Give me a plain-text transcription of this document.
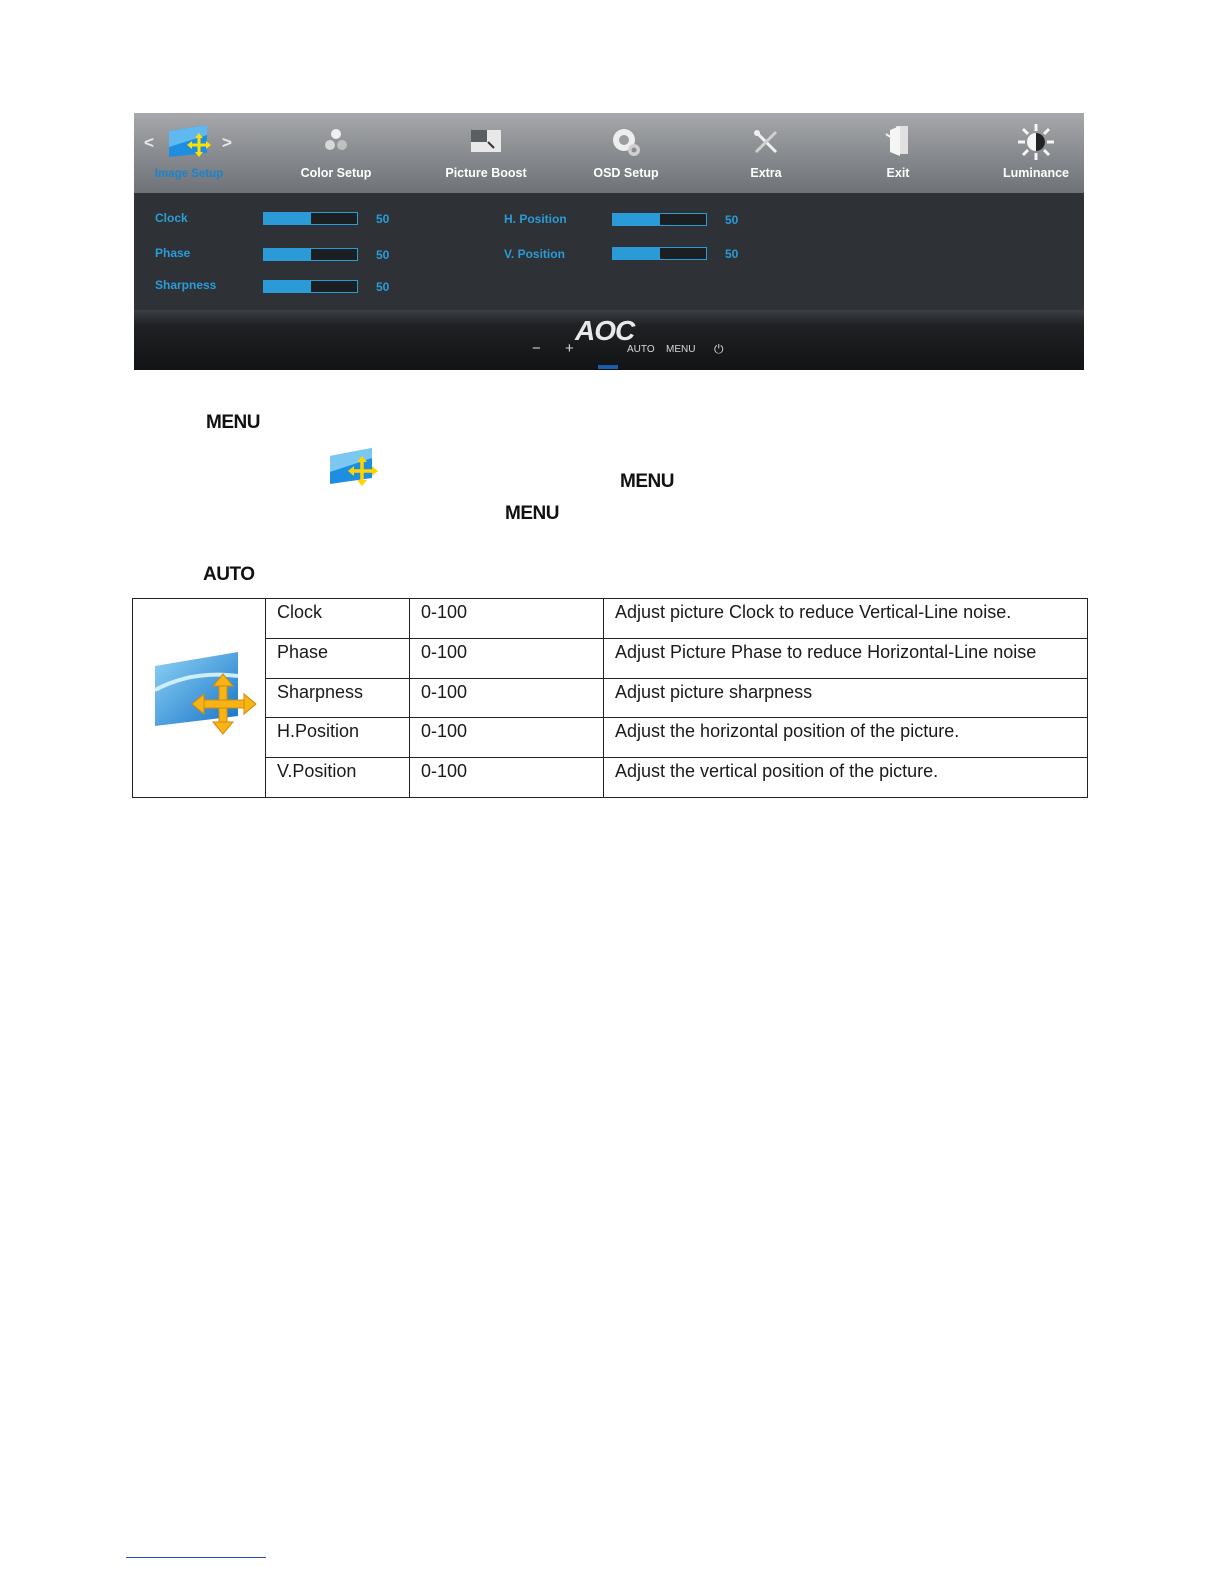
<	>
Image Setup	Color Setup	Picture Boost	OSD Setup	Extra	Exit	Luminance
Clock	50
Phase	50
Sharpness	50
H. Position	50
V. Position	50
AOC
− +	AUTO MENU ⏻
MENU
MENU
MENU
AUTO
Clock	0-100	Adjust picture Clock to reduce Vertical-Line noise.
Phase	0-100	Adjust Picture Phase to reduce Horizontal-Line noise
Sharpness	0-100	Adjust picture sharpness
H.Position	0-100	Adjust the horizontal position of the picture.
V.Position	0-100	Adjust the vertical position of the picture.
